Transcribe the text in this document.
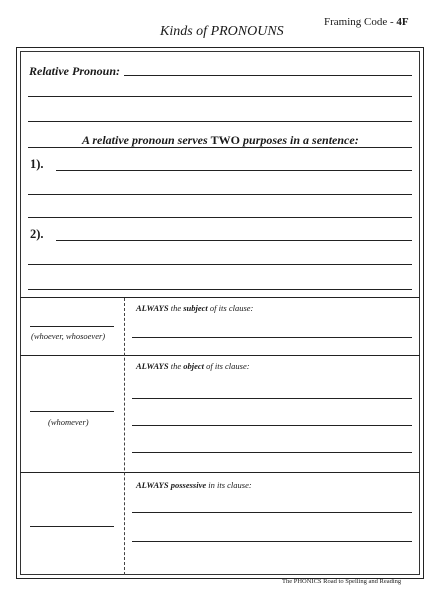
Kinds of PRONOUNS
Framing Code - 4F
Relative Pronoun:
A relative pronoun serves TWO purposes in a sentence:
1).
2).
(whoever, whosoever)
ALWAYS the subject of its clause:
(whomever)
ALWAYS the object of its clause:
ALWAYS possessive in its clause:
The PHONICS Road to Spelling and Reading
